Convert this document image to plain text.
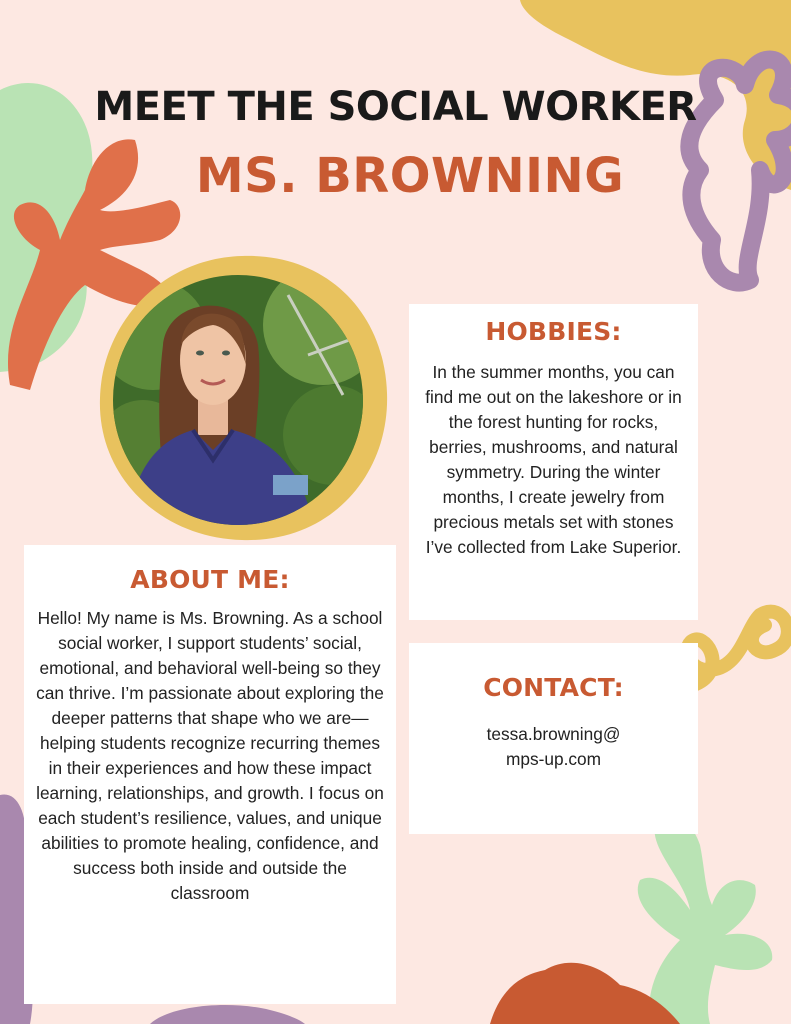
MEET THE SOCIAL WORKER
MS. BROWNING
HOBBIES:

In the summer months, you can find me out on the lakeshore or in the forest hunting for rocks, berries, mushrooms, and natural symmetry. During the winter months, I create jewelry from precious metals set with stones I’ve collected from Lake Superior.

CONTACT:

tessa.browning@ mps-up.com

ABOUT ME:

Hello! My name is Ms. Browning. As a school social worker, I support students’ social, emotional, and behavioral well-being so they can thrive. I’m passionate about exploring the deeper patterns that shape who we are—helping students recognize recurring themes in their experiences and how these impact learning, relationships, and growth. I focus on each student’s resilience, values, and unique abilities to promote healing, confidence, and success both inside and outside the classroom
